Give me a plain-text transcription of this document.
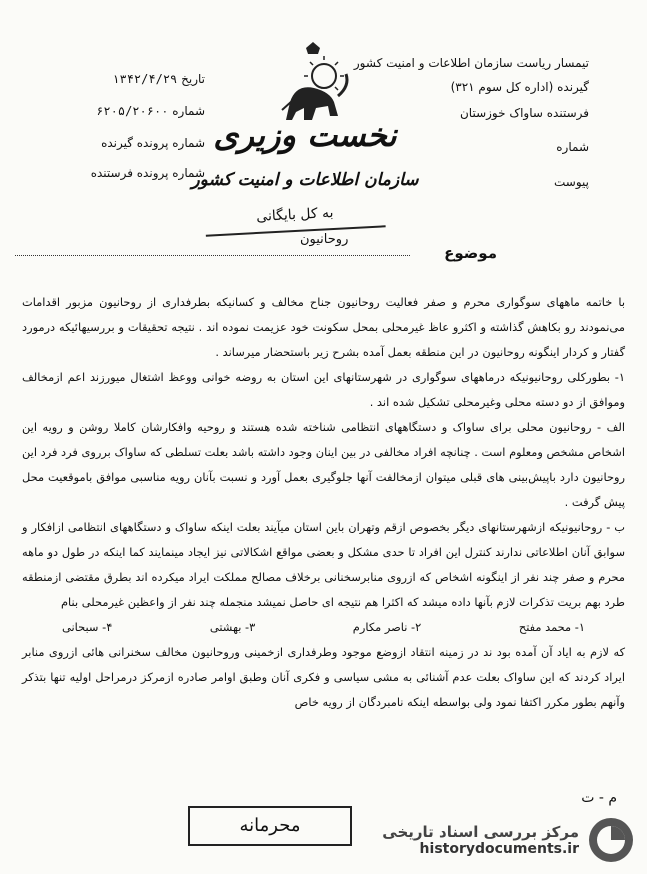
تیمسار ریاست سازمان اطلاعات و امنیت کشور
گیرنده (اداره کل سوم ۳۲۱)
فرستنده ساواک خوزستان
شماره
پیوست
تاریخ ۱۳۴۲/۴/۲۹
شماره ۶۲۰۵/۲۰۶۰۰
شماره پرونده گیرنده
شماره پرونده فرستنده
نخست وزیری
سازمان اطلاعات و امنیت کشور
به کل بایگانی
موضوع
روحانیون

با خاتمه ماههای سوگواری محرم و صفر فعالیت روحانیون جناح مخالف و کسانیکه بطرفداری از روحانیون مزبور اقدامات می‌نمودند رو بکاهش گذاشته و اکثرو عاظ غیرمحلی بمحل سکونت خود عزیمت نموده اند . نتیجه تحقیقات و بررسیهائیکه درمورد گفتار و کردار اینگونه روحانیون در این منطقه بعمل آمده بشرح زیر باستحضار میرساند .

۱- بطورکلی روحانیونیکه درماههای سوگواری در شهرستانهای این استان به روضه خوانی ووعظ اشتغال میورزند اعم ازمخالف وموافق از دو دسته محلی وغیرمحلی تشکیل شده اند .

الف - روحانیون محلی برای ساواک و دستگاههای انتظامی شناخته شده هستند و روحیه وافکارشان کاملا روشن و رویه این اشخاص مشخص ومعلوم است . چنانچه افراد مخالفی در بین اینان وجود داشته باشد بعلت تسلطی که ساواک برروی فرد فرد این روحانیون دارد باپیش‌بینی های قبلی میتوان ازمخالفت آنها جلوگیری بعمل آورد و نسبت بآنان رویه مناسبی موافق باموقعیت محل پیش گرفت .

ب - روحانیونیکه ازشهرستانهای دیگر بخصوص ازقم وتهران باین استان میآیند بعلت اینکه ساواک و دستگاههای انتظامی ازافکار و سوابق آنان اطلاعاتی ندارند کنترل این افراد تا حدی مشکل و بعضی مواقع اشکالاتی نیز ایجاد مینمایند کما اینکه در طول دو ماهه محرم و صفر چند نفر از اینگونه اشخاص که ازروی منابرسخنانی برخلاف مصالح مملکت ایراد میکرده اند بطرق مقتضی ازمنطقه طرد بهم بریت تذکرات لازم بآنها داده میشد که اکثرا هم نتیجه ای حاصل نمیشد منجمله چند نفر از واعظین غیرمحلی بنام

۱- محمد مفتح
۲- ناصر مکارم
۳- بهشتی
۴- سبحانی

که لازم به ایاد آن آمده بود ند در زمینه انتقاد ازوضع موجود وطرفداری ازخمینی وروحانیون مخالف سخنرانی هائی ازروی منابر ایراد کردند که این ساواک بعلت عدم آشنائی به مشی سیاسی و فکری آنان وطبق اوامر صادره ازمرکز درمراحل اولیه تنها بتذکر وآنهم بطور مکرر اکتفا نمود ولی بواسطه اینکه نامبردگان از رویه خاص

محرمانه
م - ت
مرکز بررسی اسناد تاریخی
historydocuments.ir
